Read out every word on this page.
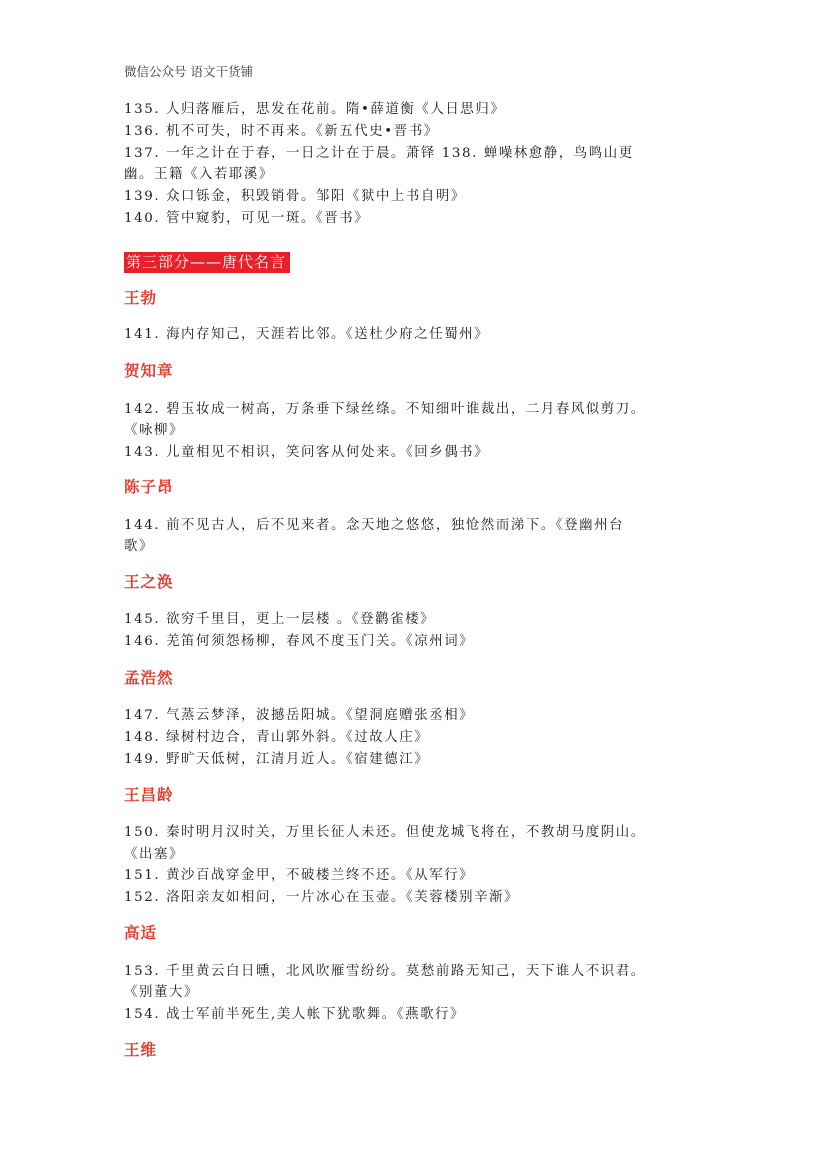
微信公众号 语文干货铺
135. 人归落雁后，思发在花前。隋•薛道衡《人日思归》
136. 机不可失，时不再来。《新五代史•晋书》
137. 一年之计在于春，一日之计在于晨。萧铎 138. 蝉噪林愈静，鸟鸣山更
幽。王籍《入若耶溪》
139. 众口铄金，积毁销骨。邹阳《狱中上书自明》
140. 管中窥豹，可见一斑。《晋书》
第三部分——唐代名言
王勃
141. 海内存知己，天涯若比邻。《送杜少府之任蜀州》
贺知章
142. 碧玉妆成一树高，万条垂下绿丝绦。不知细叶谁裁出，二月春风似剪刀。
《咏柳》
143. 儿童相见不相识，笑问客从何处来。《回乡偶书》
陈子昂
144. 前不见古人，后不见来者。念天地之悠悠，独怆然而涕下。《登幽州台
歌》
王之涣
145. 欲穷千里目，更上一层楼 。《登鹳雀楼》
146. 羌笛何须怨杨柳，春风不度玉门关。《凉州词》
孟浩然
147. 气蒸云梦泽，波撼岳阳城。《望洞庭赠张丞相》
148. 绿树村边合，青山郭外斜。《过故人庄》
149. 野旷天低树，江清月近人。《宿建德江》
王昌龄
150. 秦时明月汉时关，万里长征人未还。但使龙城飞将在，不教胡马度阴山。
《出塞》
151. 黄沙百战穿金甲，不破楼兰终不还。《从军行》
152. 洛阳亲友如相问，一片冰心在玉壶。《芙蓉楼别辛渐》
高适
153. 千里黄云白日曛，北风吹雁雪纷纷。莫愁前路无知己，天下谁人不识君。
《别董大》
154. 战士军前半死生,美人帐下犹歌舞。《燕歌行》
王维
